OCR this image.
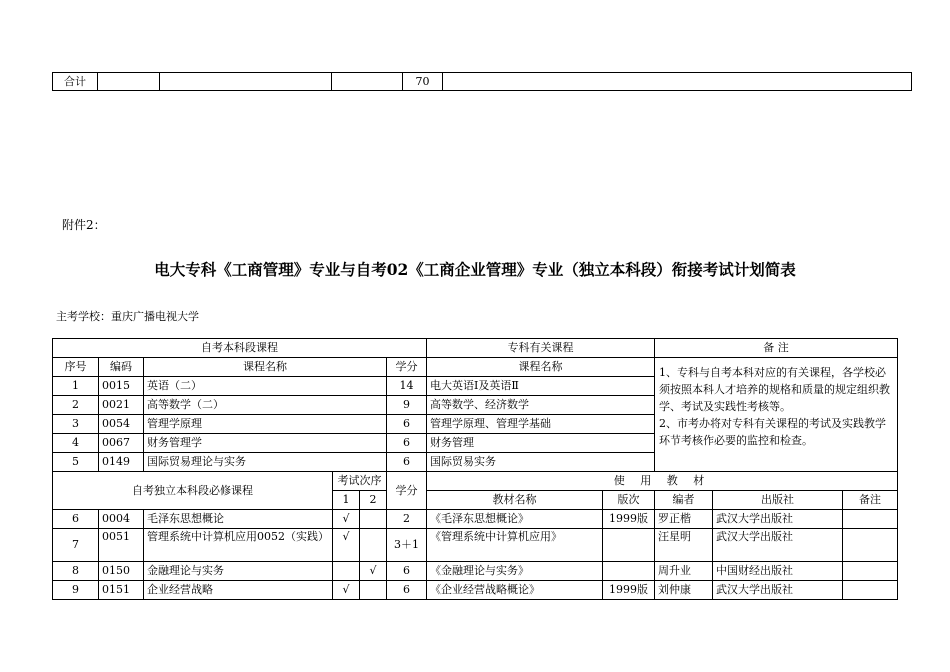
合计				70	
附件2：
电大专科《工商管理》专业与自考02《工商企业管理》专业（独立本科段）衔接考试计划简表
主考学校：重庆广播电视大学
自考本科段课程						专科有关课程		备 注		
序号	编码	课程名称			学分	课程名称		1、专科与自考本科对应的有关课程，各学校必须按照本科人才培养的规格和质量的规定组织教学、考试及实践性考核等。
2、市考办将对专科有关课程的考试及实践教学环节考核作必要的监控和检查。		
1	0015	英语（二）			14	电大英语Ⅰ及英语Ⅱ				
2	0021	高等数学（二）			9	高等数学、经济数学				
3	0054	管理学原理			6	管理学原理、管理学基础				
4	0067	财务管理学			6	财务管理				
5	0149	国际贸易理论与实务			6	国际贸易实务				
自考独立本科段必修课程			考试次序		学分	使 用 教 材				
			1	2		教材名称	版次	编者	出版社	备注
6	0004	毛泽东思想概论	√		2	《毛泽东思想概论》	1999版	罗正楷	武汉大学出版社	
7	0051	管理系统中计算机应用0052（实践）	√		3＋1	《管理系统中计算机应用》		汪星明	武汉大学出版社	
8	0150	金融理论与实务		√	6	《金融理论与实务》		周升业	中国财经出版社	
9	0151	企业经营战略	√		6	《企业经营战略概论》	1999版	刘仲康	武汉大学出版社	
